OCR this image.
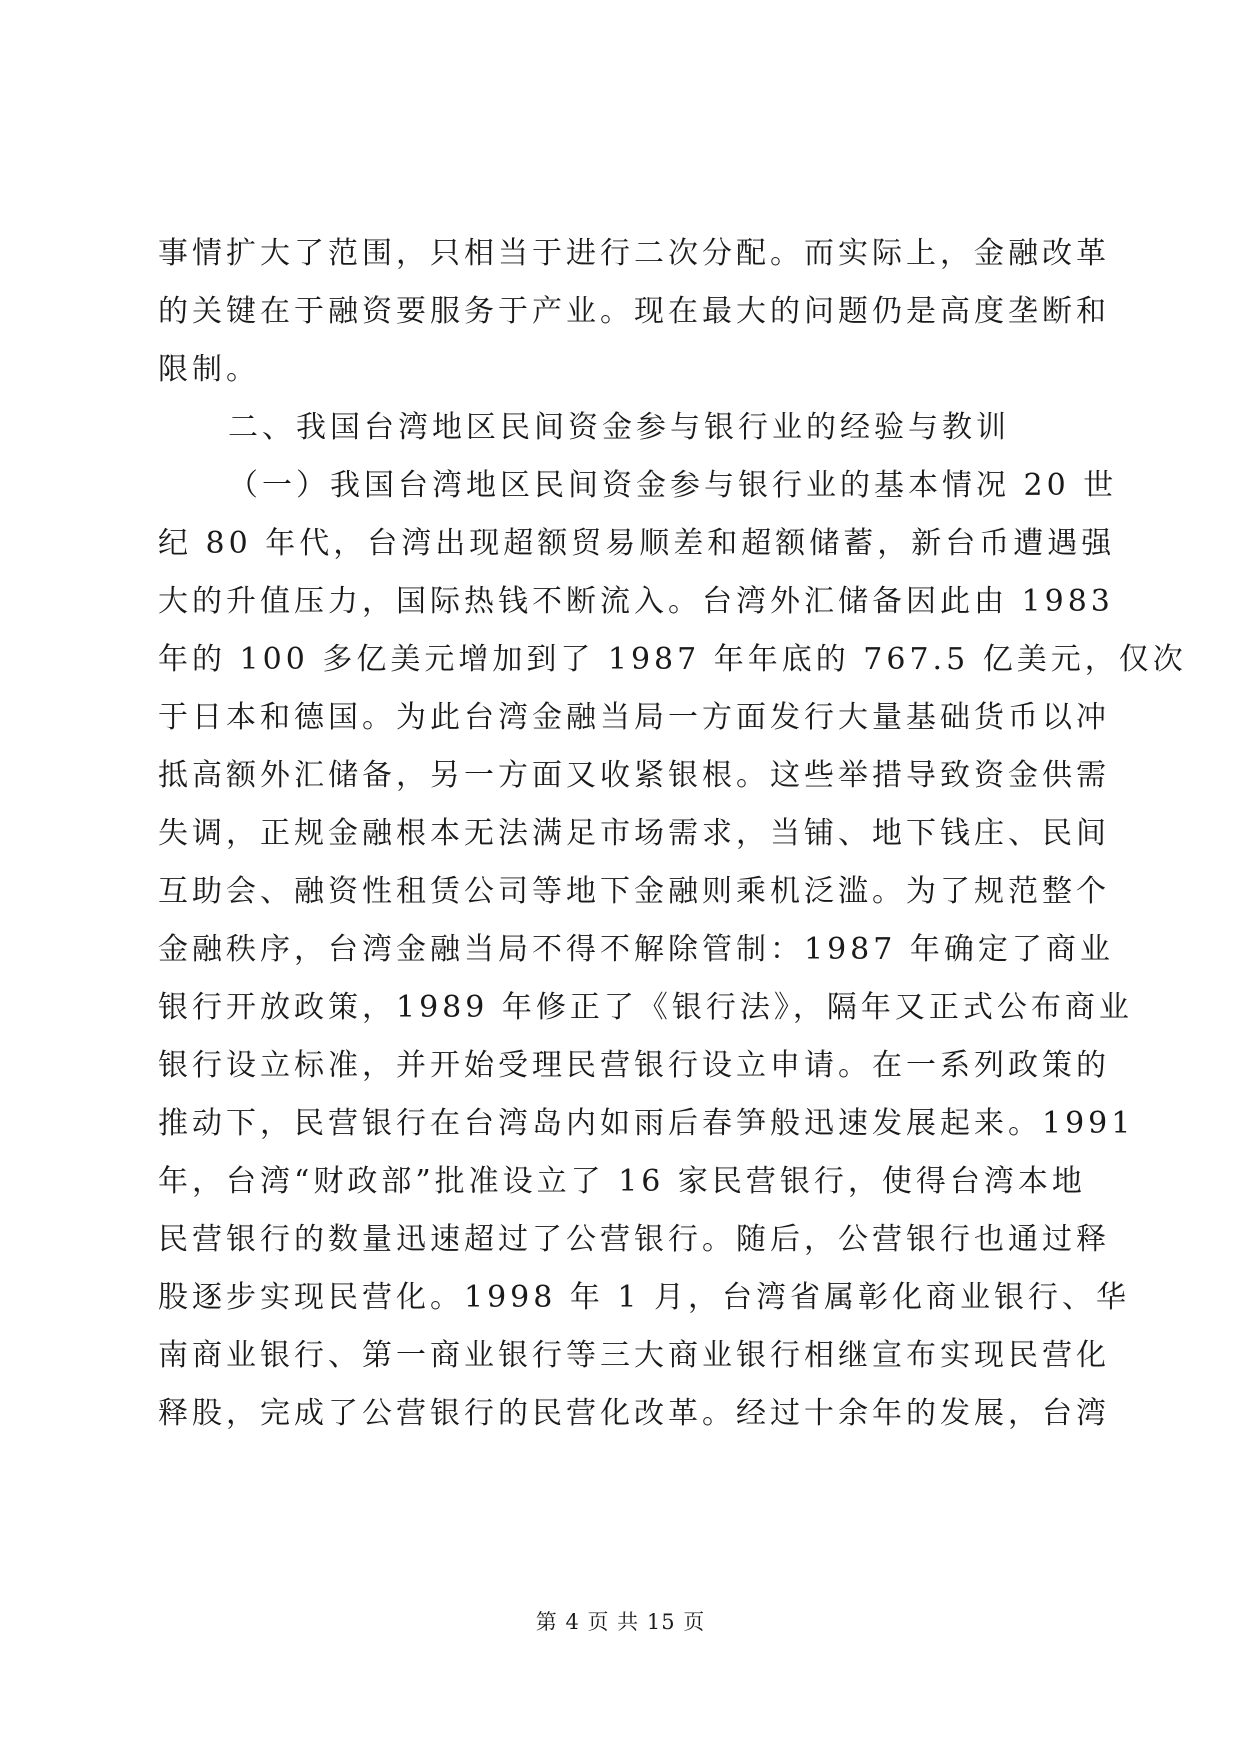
事情扩大了范围，只相当于进行二次分配。而实际上，金融改革
的关键在于融资要服务于产业。现在最大的问题仍是高度垄断和
限制。
二、我国台湾地区民间资金参与银行业的经验与教训
（一）我国台湾地区民间资金参与银行业的基本情况 20 世
纪 80 年代，台湾出现超额贸易顺差和超额储蓄，新台币遭遇强
大的升值压力，国际热钱不断流入。台湾外汇储备因此由 1983
年的 100 多亿美元增加到了 1987 年年底的 767.5 亿美元，仅次
于日本和德国。为此台湾金融当局一方面发行大量基础货币以冲
抵高额外汇储备，另一方面又收紧银根。这些举措导致资金供需
失调，正规金融根本无法满足市场需求，当铺、地下钱庄、民间
互助会、融资性租赁公司等地下金融则乘机泛滥。为了规范整个
金融秩序，台湾金融当局不得不解除管制：1987 年确定了商业
银行开放政策，1989 年修正了《银行法》，隔年又正式公布商业
银行设立标准，并开始受理民营银行设立申请。在一系列政策的
推动下，民营银行在台湾岛内如雨后春笋般迅速发展起来。1991
年，台湾“财政部”批准设立了 16 家民营银行，使得台湾本地
民营银行的数量迅速超过了公营银行。随后，公营银行也通过释
股逐步实现民营化。1998 年 1 月，台湾省属彰化商业银行、华
南商业银行、第一商业银行等三大商业银行相继宣布实现民营化
释股，完成了公营银行的民营化改革。经过十余年的发展，台湾
第 4 页 共 15 页
